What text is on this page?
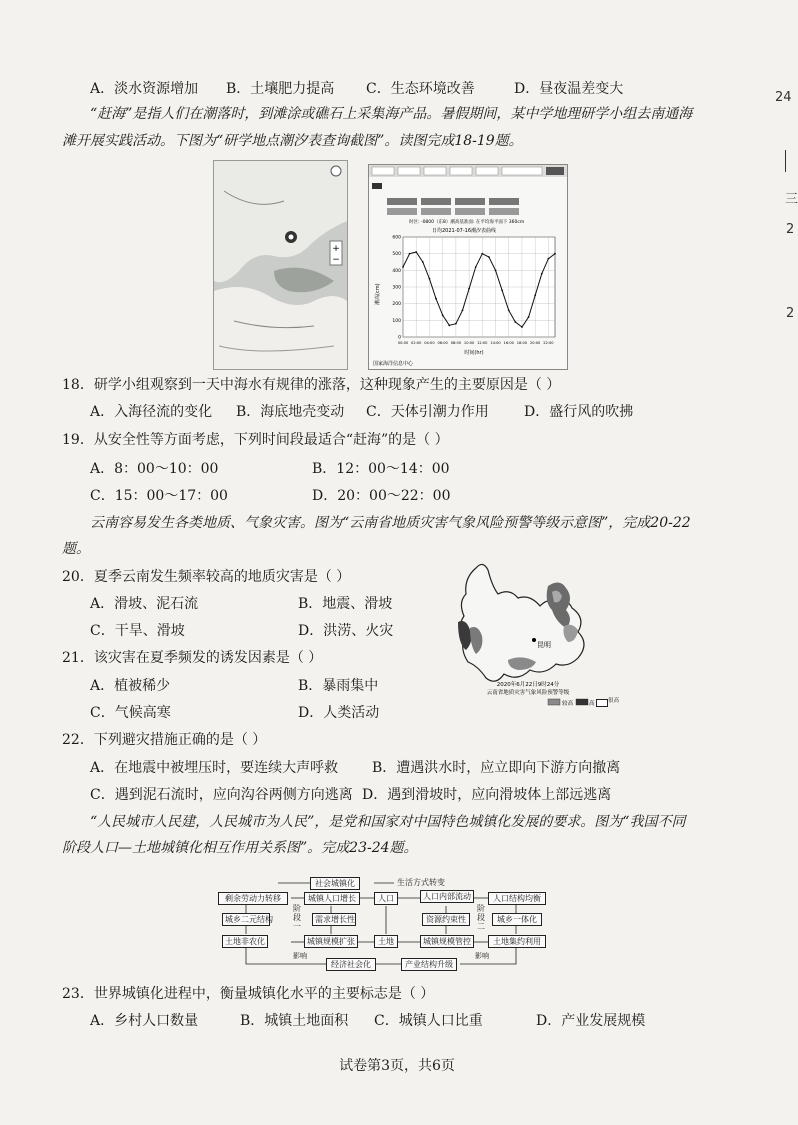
24
三
2
2
A．淡水资源增加 B．土壤肥力提高 C．生态环境改善	D．昼夜温差变大
“赶海”是指人们在潮落时，到滩涂或礁石上采集海产品。暑假期间，某中学地理研学小组去南通海
滩开展实践活动。下图为“研学地点潮汐表查询截图”。读图完成18-19题。
+
−
时区: -0800（东8）潮高基准面: 在平均海平面下 360cm
日均2021-07-16潮汐表曲线
潮高(cm)
时间(hr)
国家海洋信息中心
600
500
400
300
200
100
0
00:00 02:00 04:00 06:00 08:00 10:00 12:00 14:00 16:00 18:00 20:00 22:00
18．研学小组观察到一天中海水有规律的涨落，这种现象产生的主要原因是（ ）
A．入海径流的变化 B．海底地壳变动 C．天体引潮力作用	D．盛行风的吹拂
19．从安全性等方面考虑，下列时间段最适合“赶海”的是（ ）
A．8：00～10：00	B．12：00～14：00
C．15：00～17：00	D．20：00～22：00
云南容易发生各类地质、气象灾害。图为“云南省地质灾害气象风险预警等级示意图”，完成20-22
题。
20．夏季云南发生频率较高的地质灾害是（ ）
A．滑坡、泥石流	B．地震、滑坡
C．干旱、滑坡	D．洪涝、火灾
21．该灾害在夏季频发的诱发因素是（ ）
A．植被稀少	B．暴雨集中
C．气候高寒	D．人类活动
昆明
2020年6月22日9时24分
云南省地质灾害气象风险预警等级
较高	高 很高
22．下列避灾措施正确的是（ ）
A．在地震中被埋压时，要连续大声呼救 B．遭遇洪水时，应立即向下游方向撤离
C．遇到泥石流时，应向沟谷两侧方向逃离 D．遇到滑坡时，应向滑坡体上部远逃离
“人民城市人民建，人民城市为人民”，是党和国家对中国特色城镇化发展的要求。图为“我国不同
阶段人口—土地城镇化相互作用关系图”。完成23-24题。
社会城镇化	生活方式转变
剩余劳动力转移	城镇人口增长	人口	人口内部流动	人口结构均衡
城乡二元结构	需求增长性	资源约束性	城乡一体化
土地非农化	城镇规模扩张	土地	城镇规模管控	土地集约利用
经济社会化	产业结构升级
阶段一
阶段二
影响	影响
23．世界城镇化进程中，衡量城镇化水平的主要标志是（ ）
A．乡村人口数量	B．城镇土地面积 C．城镇人口比重	D．产业发展规模
试卷第3页，共6页
